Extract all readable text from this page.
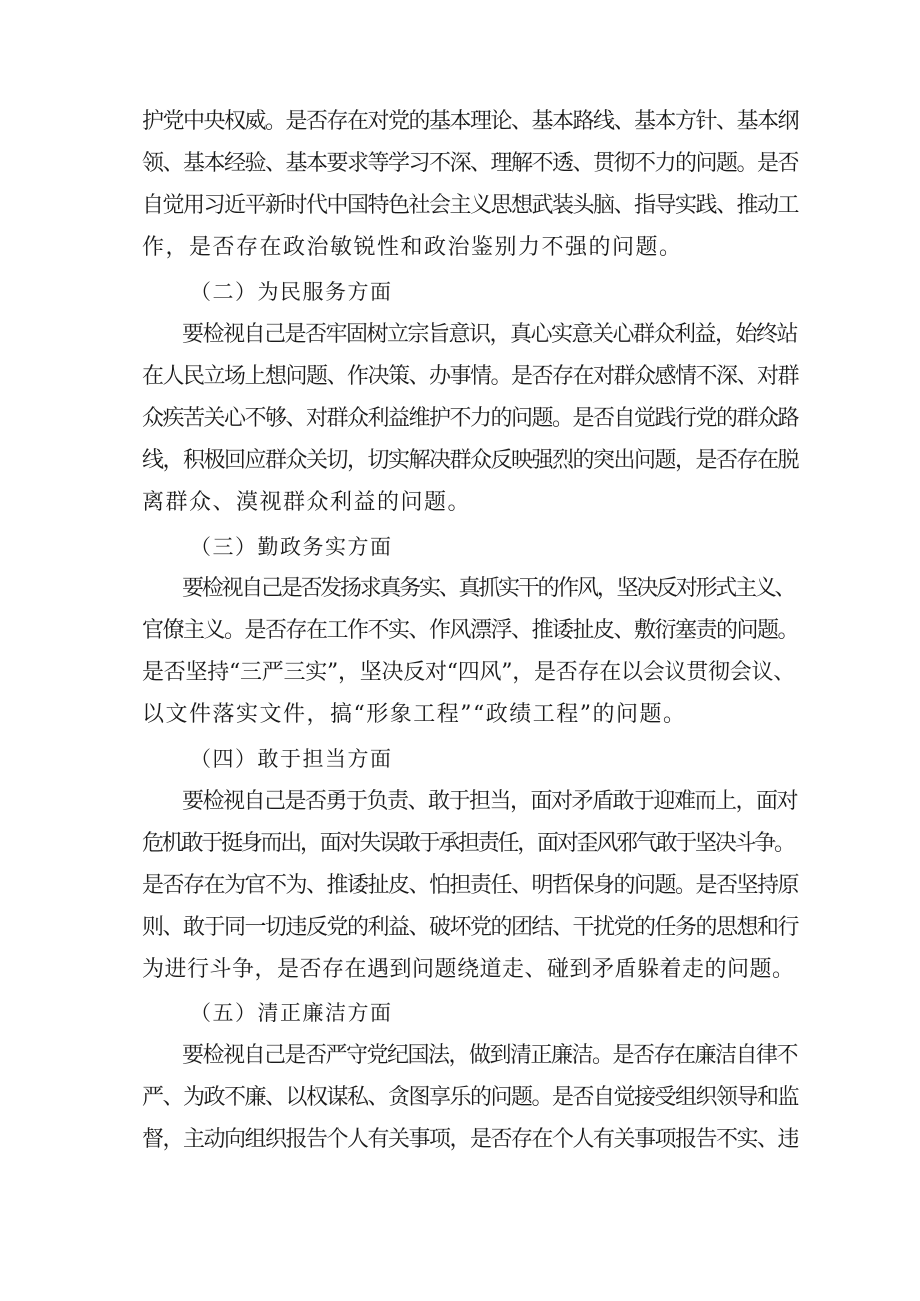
护党中央权威。是否存在对党的基本理论、基本路线、基本方针、基本纲
领、基本经验、基本要求等学习不深、理解不透、贯彻不力的问题。是否
自觉用习近平新时代中国特色社会主义思想武装头脑、指导实践、推动工
作，是否存在政治敏锐性和政治鉴别力不强的问题。
（二）为民服务方面
要检视自己是否牢固树立宗旨意识，真心实意关心群众利益，始终站
在人民立场上想问题、作决策、办事情。是否存在对群众感情不深、对群
众疾苦关心不够、对群众利益维护不力的问题。是否自觉践行党的群众路
线，积极回应群众关切，切实解决群众反映强烈的突出问题，是否存在脱
离群众、漠视群众利益的问题。
（三）勤政务实方面
要检视自己是否发扬求真务实、真抓实干的作风，坚决反对形式主义、
官僚主义。是否存在工作不实、作风漂浮、推诿扯皮、敷衍塞责的问题。
是否坚持“三严三实”，坚决反对“四风”，是否存在以会议贯彻会议、
以文件落实文件，搞“形象工程”“政绩工程”的问题。
（四）敢于担当方面
要检视自己是否勇于负责、敢于担当，面对矛盾敢于迎难而上，面对
危机敢于挺身而出，面对失误敢于承担责任，面对歪风邪气敢于坚决斗争。
是否存在为官不为、推诿扯皮、怕担责任、明哲保身的问题。是否坚持原
则、敢于同一切违反党的利益、破坏党的团结、干扰党的任务的思想和行
为进行斗争，是否存在遇到问题绕道走、碰到矛盾躲着走的问题。
（五）清正廉洁方面
要检视自己是否严守党纪国法，做到清正廉洁。是否存在廉洁自律不
严、为政不廉、以权谋私、贪图享乐的问题。是否自觉接受组织领导和监
督，主动向组织报告个人有关事项，是否存在个人有关事项报告不实、违
